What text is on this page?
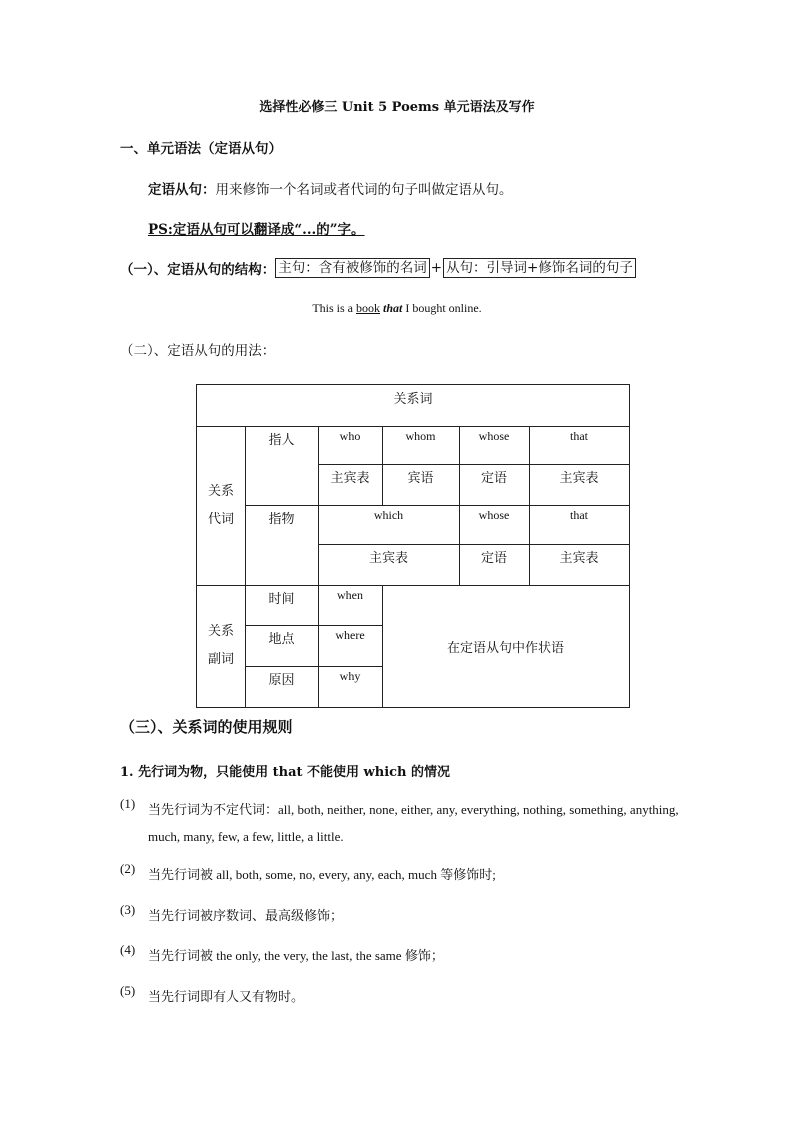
选择性必修三 Unit 5 Poems 单元语法及写作
一、单元语法（定语从句）
定语从句：用来修饰一个名词或者代词的句子叫做定语从句。
PS:定语从句可以翻译成“...的”字。
（一）、定语从句的结构： 主句：含有被修饰的名词 + 从句：引导词+修饰名词的句子
This is a book that I bought online.
（二）、定语从句的用法：
关系词
关系
代词
指人	who	whom	whose	that
主宾表	宾语	定语	主宾表
指物	which	whose	that
主宾表	定语	主宾表
关系
副词
时间	when
地点	where
原因	why
在定语从句中作状语
（三）、关系词的使用规则
1. 先行词为物，只能使用 that 不能使用 which 的情况
(1) 当先行词为不定代词：all, both, neither, none, either, any, everything, nothing, something, anything, much, many, few, a few, little, a little.
(2) 当先行词被 all, both, some, no, every, any, each, much 等修饰时;
(3) 当先行词被序数词、最高级修饰；
(4) 当先行词被 the only, the very, the last, the same 修饰；
(5) 当先行词即有人又有物时。
